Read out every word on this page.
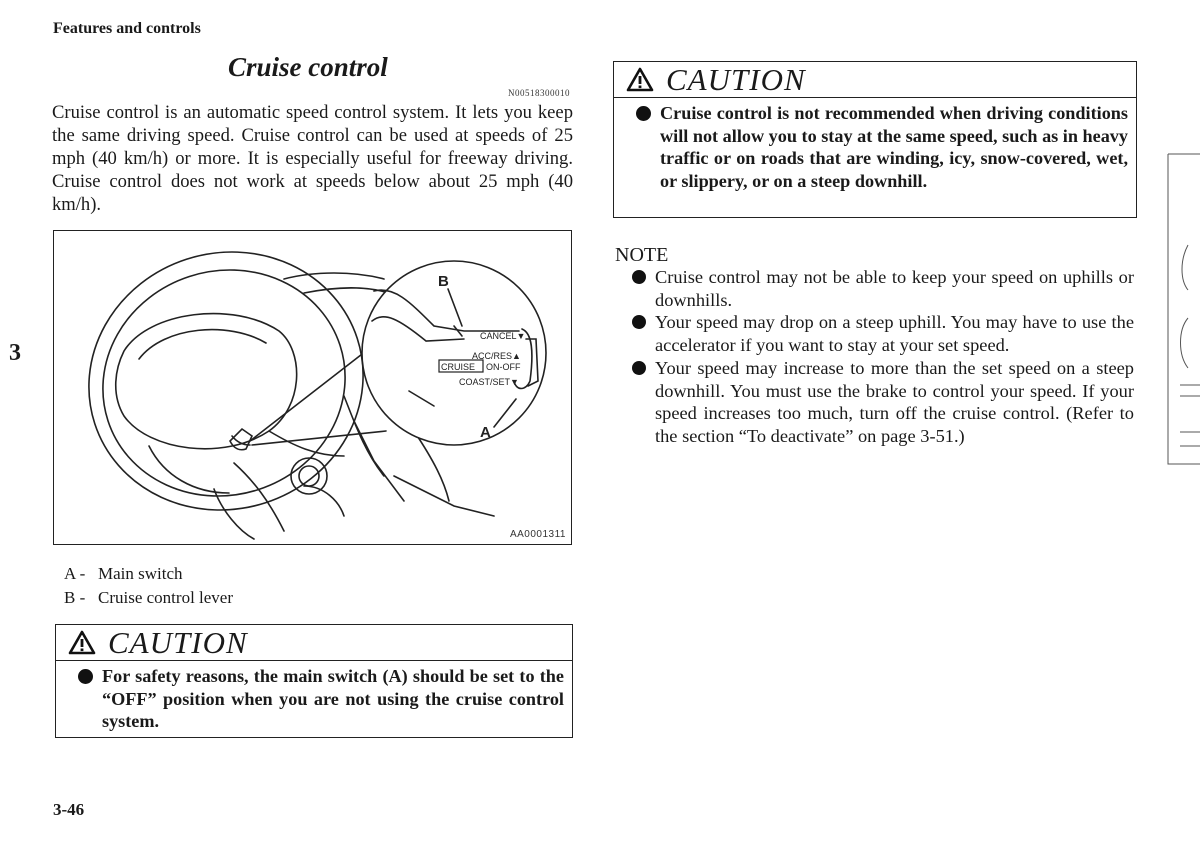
Features and controls
Cruise control
N00518300010
Cruise control is an automatic speed control system. It lets you keep the same driving speed. Cruise control can be used at speeds of 25 mph (40 km/h) or more. It is especially useful for freeway driving. Cruise control does not work at speeds below about 25 mph (40 km/h).
CANCEL▼
ACC/RES▲
CRUISE ON-OFF
COAST/SET▼
B
A
AA0001311
A - Main switch
B - Cruise control lever
CAUTION
For safety reasons, the main switch (A) should be set to the “OFF” position when you are not using the cruise control system.
CAUTION
Cruise control is not recommended when driving conditions will not allow you to stay at the same speed, such as in heavy traffic or on roads that are winding, icy, snow-covered, wet, or slippery, or on a steep downhill.
NOTE
Cruise control may not be able to keep your speed on uphills or downhills.
Your speed may drop on a steep uphill. You may have to use the accelerator if you want to stay at your set speed.
Your speed may increase to more than the set speed on a steep downhill. You must use the brake to control your speed. If your speed increases too much, turn off the cruise control. (Refer to the section “To deactivate” on page 3-51.)
3
3-46
